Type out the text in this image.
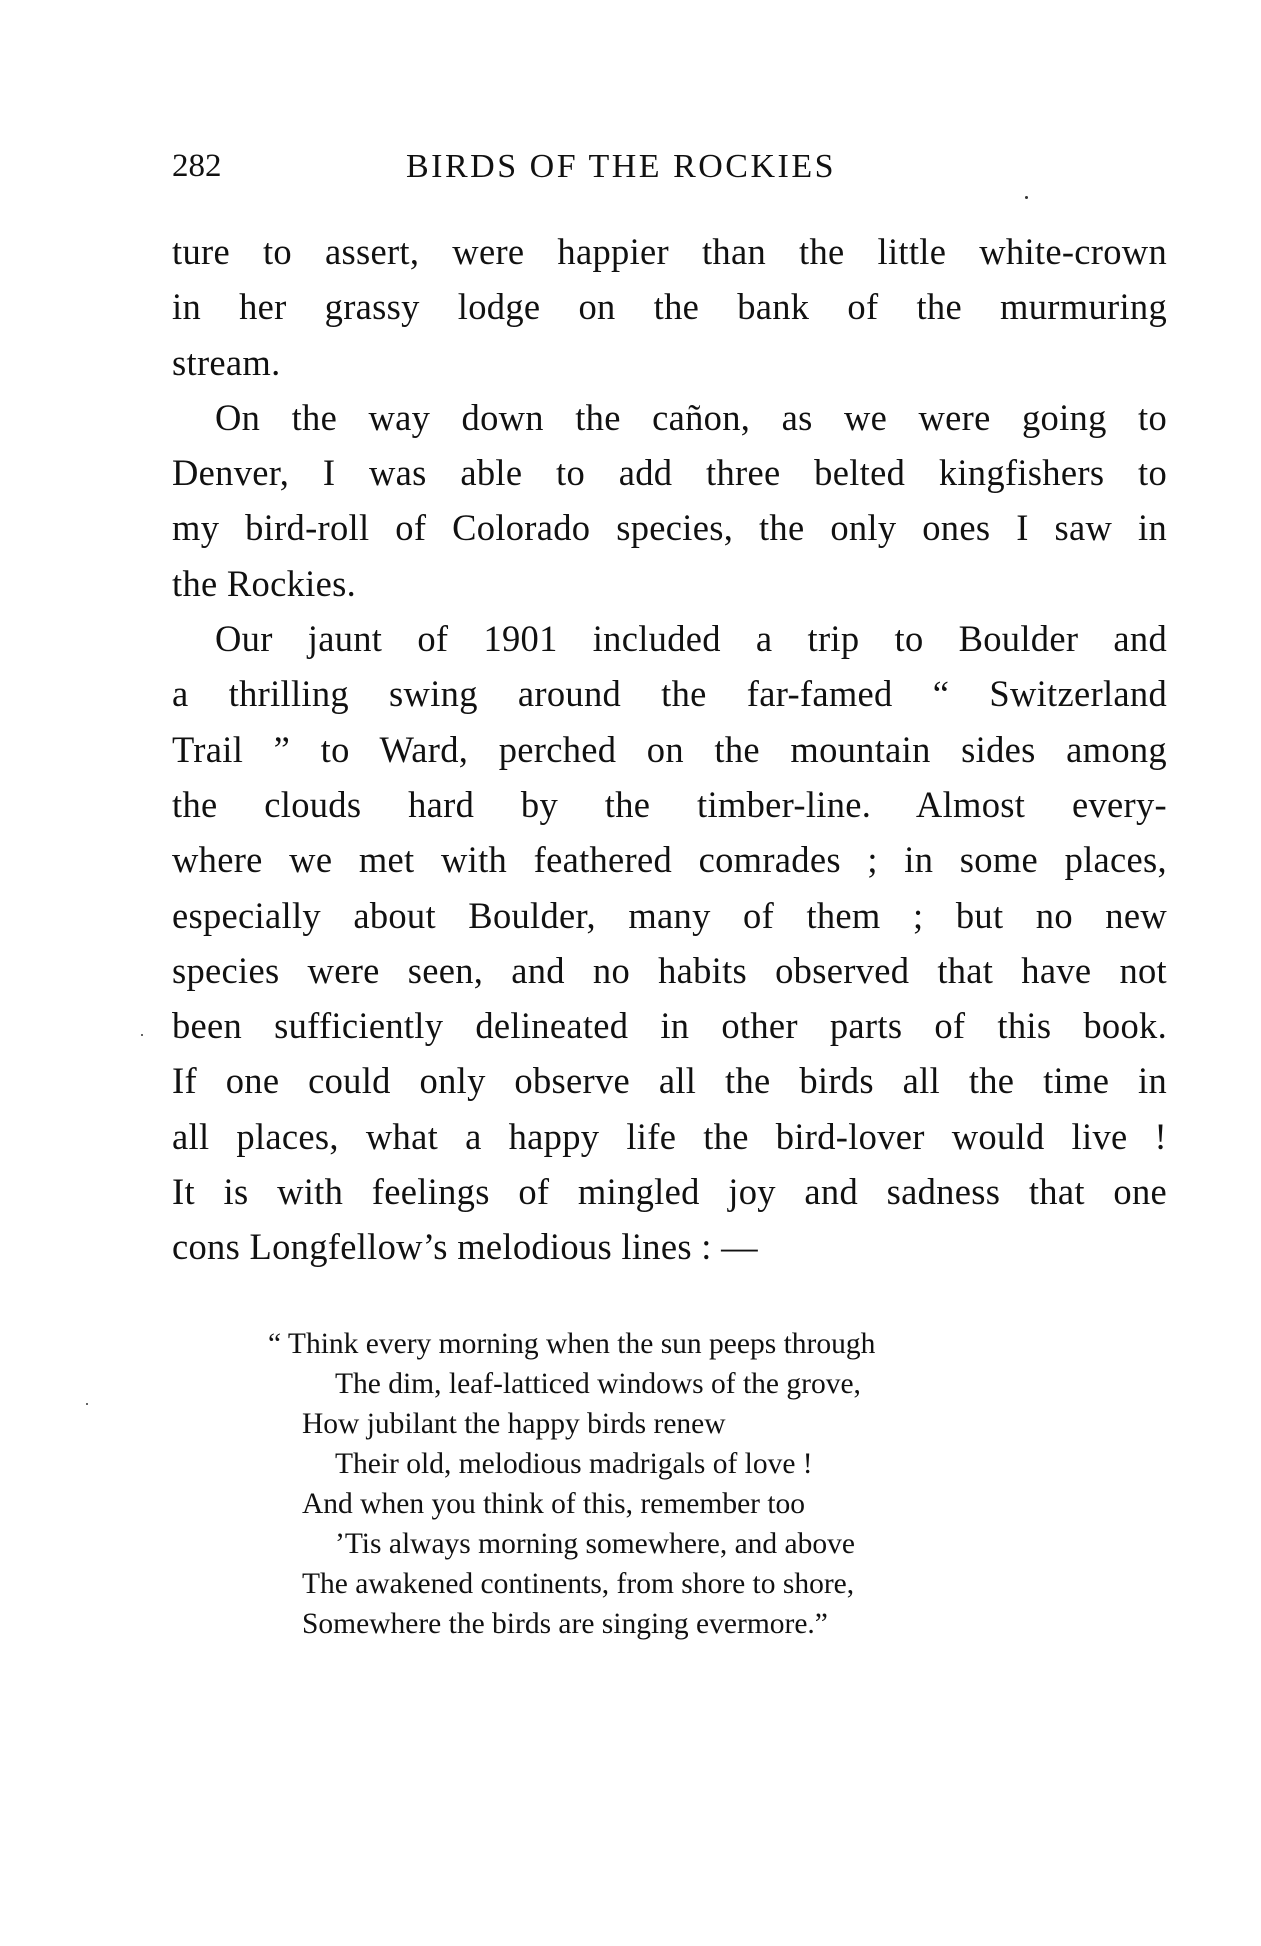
282	BIRDS OF THE ROCKIES
ture to assert, were happier than the little white-crown
in her grassy lodge on the bank of the murmuring
stream.
On the way down the cañon, as we were going to
Denver, I was able to add three belted kingfishers to
my bird-roll of Colorado species, the only ones I saw in
the Rockies.
Our jaunt of 1901 included a trip to Boulder and
a thrilling swing around the far-famed “ Switzerland
Trail ” to Ward, perched on the mountain sides among
the clouds hard by the timber-line. Almost every-
where we met with feathered comrades ; in some places,
especially about Boulder, many of them ; but no new
species were seen, and no habits observed that have not
been sufficiently delineated in other parts of this book.
If one could only observe all the birds all the time in
all places, what a happy life the bird-lover would live !
It is with feelings of mingled joy and sadness that one
cons Longfellow’s melodious lines : —
“ Think every morning when the sun peeps through
The dim, leaf-latticed windows of the grove,
How jubilant the happy birds renew
Their old, melodious madrigals of love !
And when you think of this, remember too
’Tis always morning somewhere, and above
The awakened continents, from shore to shore,
Somewhere the birds are singing evermore.”
